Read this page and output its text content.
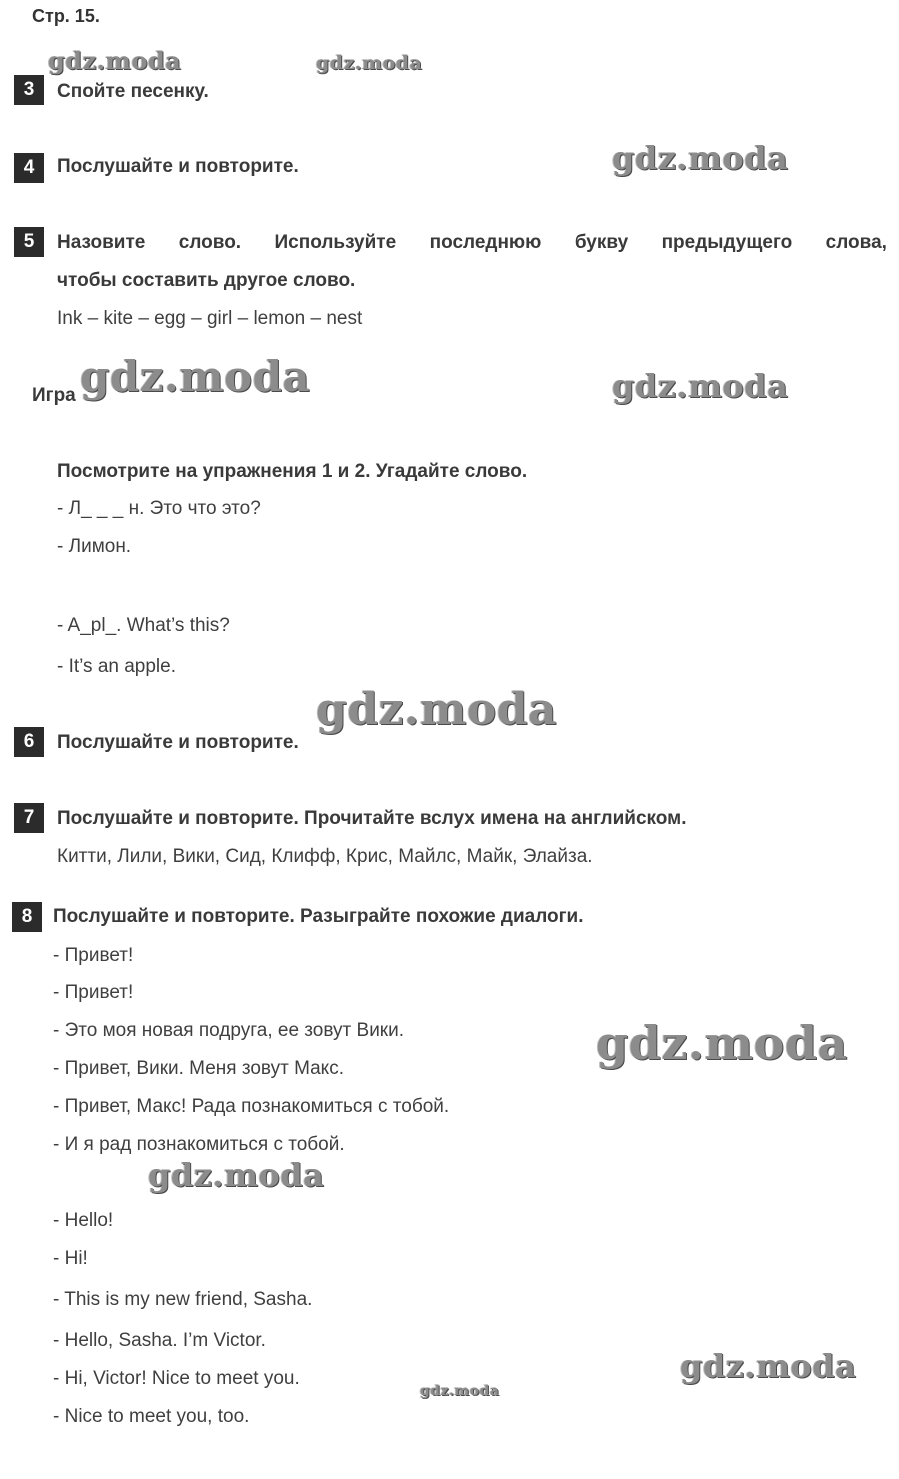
Стр. 15.
3	Спойте песенку.
4	Послушайте и повторите.
5	Назовите слово. Используйте последнюю букву предыдущего слова,
чтобы составить другое слово.
Ink – kite – egg – girl – lemon – nest
Игра
Посмотрите на упражнения 1 и 2. Угадайте слово.
- Л_ _ _ н. Это что это?
- Лимон.
- A_pl_. What’s this?
- It’s an apple.
6	Послушайте и повторите.
7	Послушайте и повторите. Прочитайте вслух имена на английском.
Китти, Лили, Вики, Сид, Клифф, Крис, Майлс, Майк, Элайза.
8	Послушайте и повторите. Разыграйте похожие диалоги.
- Привет!
- Привет!
- Это моя новая подруга, ее зовут Вики.
- Привет, Вики. Меня зовут Макс.
- Привет, Макс! Рада познакомиться с тобой.
- И я рад познакомиться с тобой.
- Hello!
- Hi!
- This is my new friend, Sasha.
- Hello, Sasha. I’m Victor.
- Hi, Victor! Nice to meet you.
- Nice to meet you, too.
gdz.moda	gdz.moda
gdz.moda
gdz.moda	gdz.moda
gdz.moda
gdz.moda
gdz.moda
gdz.moda
gdz.moda
